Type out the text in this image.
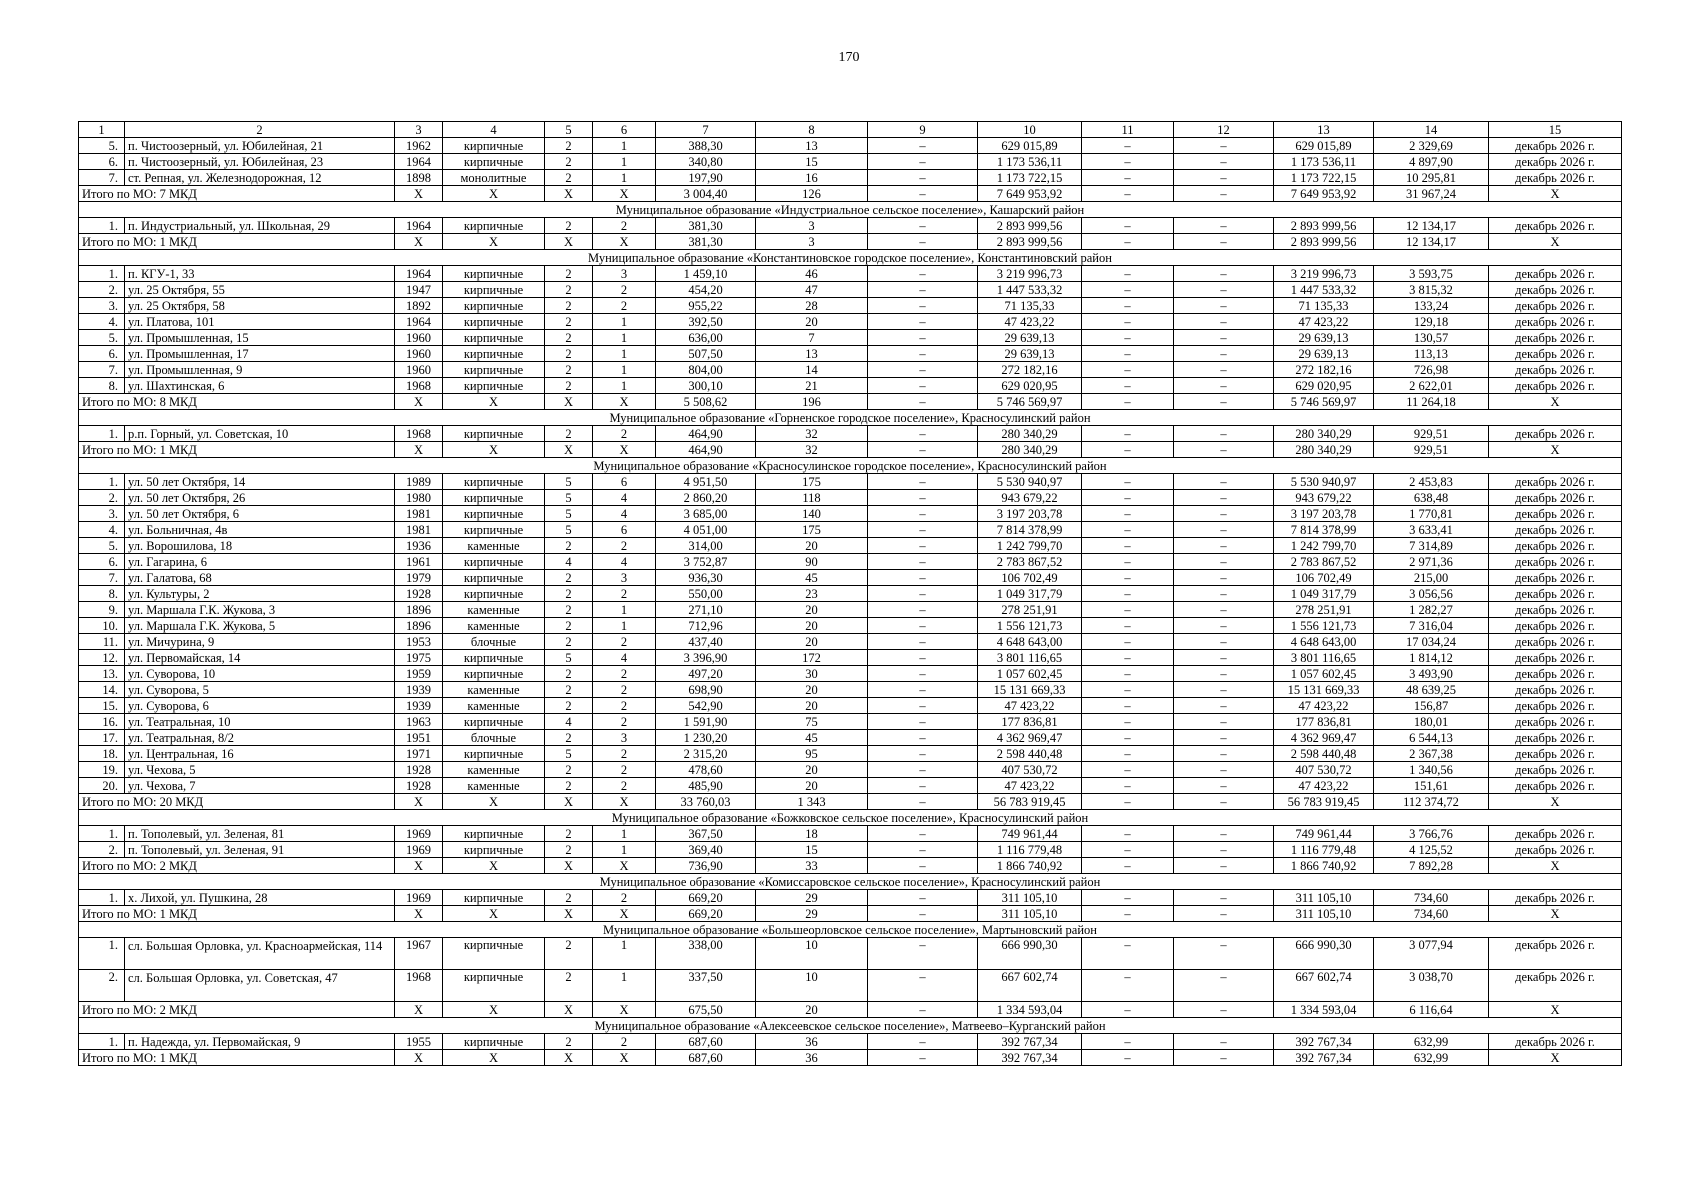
170
1	2	3	4	5	6	7	8	9	10	11	12	13	14	15
5.	п. Чистоозерный, ул. Юбилейная, 21	1962	кирпичные	2	1	388,30	13	–	629 015,89	–	–	629 015,89	2 329,69	декабрь 2026 г.
6.	п. Чистоозерный, ул. Юбилейная, 23	1964	кирпичные	2	1	340,80	15	–	1 173 536,11	–	–	1 173 536,11	4 897,90	декабрь 2026 г.
7.	ст. Репная, ул. Железнодорожная, 12	1898	монолитные	2	1	197,90	16	–	1 173 722,15	–	–	1 173 722,15	10 295,81	декабрь 2026 г.
Итого по МО: 7 МКД		X	X	X	X	3 004,40	126	–	7 649 953,92	–	–	7 649 953,92	31 967,24	X
Муниципальное образование «Индустриальное сельское поселение», Кашарский район														
1.	п. Индустриальный, ул. Школьная, 29	1964	кирпичные	2	2	381,30	3	–	2 893 999,56	–	–	2 893 999,56	12 134,17	декабрь 2026 г.
Итого по МО: 1 МКД		X	X	X	X	381,30	3	–	2 893 999,56	–	–	2 893 999,56	12 134,17	X
Муниципальное образование «Константиновское городское поселение», Константиновский район														
1.	п. КГУ-1, 33	1964	кирпичные	2	3	1 459,10	46	–	3 219 996,73	–	–	3 219 996,73	3 593,75	декабрь 2026 г.
2.	ул. 25 Октября, 55	1947	кирпичные	2	2	454,20	47	–	1 447 533,32	–	–	1 447 533,32	3 815,32	декабрь 2026 г.
3.	ул. 25 Октября, 58	1892	кирпичные	2	2	955,22	28	–	71 135,33	–	–	71 135,33	133,24	декабрь 2026 г.
4.	ул. Платова, 101	1964	кирпичные	2	1	392,50	20	–	47 423,22	–	–	47 423,22	129,18	декабрь 2026 г.
5.	ул. Промышленная, 15	1960	кирпичные	2	1	636,00	7	–	29 639,13	–	–	29 639,13	130,57	декабрь 2026 г.
6.	ул. Промышленная, 17	1960	кирпичные	2	1	507,50	13	–	29 639,13	–	–	29 639,13	113,13	декабрь 2026 г.
7.	ул. Промышленная, 9	1960	кирпичные	2	1	804,00	14	–	272 182,16	–	–	272 182,16	726,98	декабрь 2026 г.
8.	ул. Шахтинская, 6	1968	кирпичные	2	1	300,10	21	–	629 020,95	–	–	629 020,95	2 622,01	декабрь 2026 г.
Итого по МО: 8 МКД		X	X	X	X	5 508,62	196	–	5 746 569,97	–	–	5 746 569,97	11 264,18	X
Муниципальное образование «Горненское городское поселение», Красносулинский район														
1.	р.п. Горный, ул. Советская, 10	1968	кирпичные	2	2	464,90	32	–	280 340,29	–	–	280 340,29	929,51	декабрь 2026 г.
Итого по МО: 1 МКД		X	X	X	X	464,90	32	–	280 340,29	–	–	280 340,29	929,51	X
Муниципальное образование «Красносулинское городское поселение», Красносулинский район														
1.	ул. 50 лет Октября, 14	1989	кирпичные	5	6	4 951,50	175	–	5 530 940,97	–	–	5 530 940,97	2 453,83	декабрь 2026 г.
2.	ул. 50 лет Октября, 26	1980	кирпичные	5	4	2 860,20	118	–	943 679,22	–	–	943 679,22	638,48	декабрь 2026 г.
3.	ул. 50 лет Октября, 6	1981	кирпичные	5	4	3 685,00	140	–	3 197 203,78	–	–	3 197 203,78	1 770,81	декабрь 2026 г.
4.	ул. Больничная, 4в	1981	кирпичные	5	6	4 051,00	175	–	7 814 378,99	–	–	7 814 378,99	3 633,41	декабрь 2026 г.
5.	ул. Ворошилова, 18	1936	каменные	2	2	314,00	20	–	1 242 799,70	–	–	1 242 799,70	7 314,89	декабрь 2026 г.
6.	ул. Гагарина, 6	1961	кирпичные	4	4	3 752,87	90	–	2 783 867,52	–	–	2 783 867,52	2 971,36	декабрь 2026 г.
7.	ул. Галатова, 68	1979	кирпичные	2	3	936,30	45	–	106 702,49	–	–	106 702,49	215,00	декабрь 2026 г.
8.	ул. Культуры, 2	1928	кирпичные	2	2	550,00	23	–	1 049 317,79	–	–	1 049 317,79	3 056,56	декабрь 2026 г.
9.	ул. Маршала Г.К. Жукова, 3	1896	каменные	2	1	271,10	20	–	278 251,91	–	–	278 251,91	1 282,27	декабрь 2026 г.
10.	ул. Маршала Г.К. Жукова, 5	1896	каменные	2	1	712,96	20	–	1 556 121,73	–	–	1 556 121,73	7 316,04	декабрь 2026 г.
11.	ул. Мичурина, 9	1953	блочные	2	2	437,40	20	–	4 648 643,00	–	–	4 648 643,00	17 034,24	декабрь 2026 г.
12.	ул. Первомайская, 14	1975	кирпичные	5	4	3 396,90	172	–	3 801 116,65	–	–	3 801 116,65	1 814,12	декабрь 2026 г.
13.	ул. Суворова, 10	1959	кирпичные	2	2	497,20	30	–	1 057 602,45	–	–	1 057 602,45	3 493,90	декабрь 2026 г.
14.	ул. Суворова, 5	1939	каменные	2	2	698,90	20	–	15 131 669,33	–	–	15 131 669,33	48 639,25	декабрь 2026 г.
15.	ул. Суворова, 6	1939	каменные	2	2	542,90	20	–	47 423,22	–	–	47 423,22	156,87	декабрь 2026 г.
16.	ул. Театральная, 10	1963	кирпичные	4	2	1 591,90	75	–	177 836,81	–	–	177 836,81	180,01	декабрь 2026 г.
17.	ул. Театральная, 8/2	1951	блочные	2	3	1 230,20	45	–	4 362 969,47	–	–	4 362 969,47	6 544,13	декабрь 2026 г.
18.	ул. Центральная, 16	1971	кирпичные	5	2	2 315,20	95	–	2 598 440,48	–	–	2 598 440,48	2 367,38	декабрь 2026 г.
19.	ул. Чехова, 5	1928	каменные	2	2	478,60	20	–	407 530,72	–	–	407 530,72	1 340,56	декабрь 2026 г.
20.	ул. Чехова, 7	1928	каменные	2	2	485,90	20	–	47 423,22	–	–	47 423,22	151,61	декабрь 2026 г.
Итого по МО: 20 МКД		X	X	X	X	33 760,03	1 343	–	56 783 919,45	–	–	56 783 919,45	112 374,72	X
Муниципальное образование «Божковское сельское поселение», Красносулинский район														
1.	п. Тополевый, ул. Зеленая, 81	1969	кирпичные	2	1	367,50	18	–	749 961,44	–	–	749 961,44	3 766,76	декабрь 2026 г.
2.	п. Тополевый, ул. Зеленая, 91	1969	кирпичные	2	1	369,40	15	–	1 116 779,48	–	–	1 116 779,48	4 125,52	декабрь 2026 г.
Итого по МО: 2 МКД		X	X	X	X	736,90	33	–	1 866 740,92	–	–	1 866 740,92	7 892,28	X
Муниципальное образование «Комиссаровское сельское поселение», Красносулинский район														
1.	х. Лихой, ул. Пушкина, 28	1969	кирпичные	2	2	669,20	29	–	311 105,10	–	–	311 105,10	734,60	декабрь 2026 г.
Итого по МО: 1 МКД		X	X	X	X	669,20	29	–	311 105,10	–	–	311 105,10	734,60	X
Муниципальное образование «Большеорловское сельское поселение», Мартыновский район														
1.	сл. Большая Орловка, ул. Красноармейская, 114	1967	кирпичные	2	1	338,00	10	–	666 990,30	–	–	666 990,30	3 077,94	декабрь 2026 г.
2.	сл. Большая Орловка, ул. Советская, 47	1968	кирпичные	2	1	337,50	10	–	667 602,74	–	–	667 602,74	3 038,70	декабрь 2026 г.
Итого по МО: 2 МКД		X	X	X	X	675,50	20	–	1 334 593,04	–	–	1 334 593,04	6 116,64	X
Муниципальное образование «Алексеевское сельское поселение», Матвеево–Курганский район														
1.	п. Надежда, ул. Первомайская, 9	1955	кирпичные	2	2	687,60	36	–	392 767,34	–	–	392 767,34	632,99	декабрь 2026 г.
Итого по МО: 1 МКД		X	X	X	X	687,60	36	–	392 767,34	–	–	392 767,34	632,99	X
